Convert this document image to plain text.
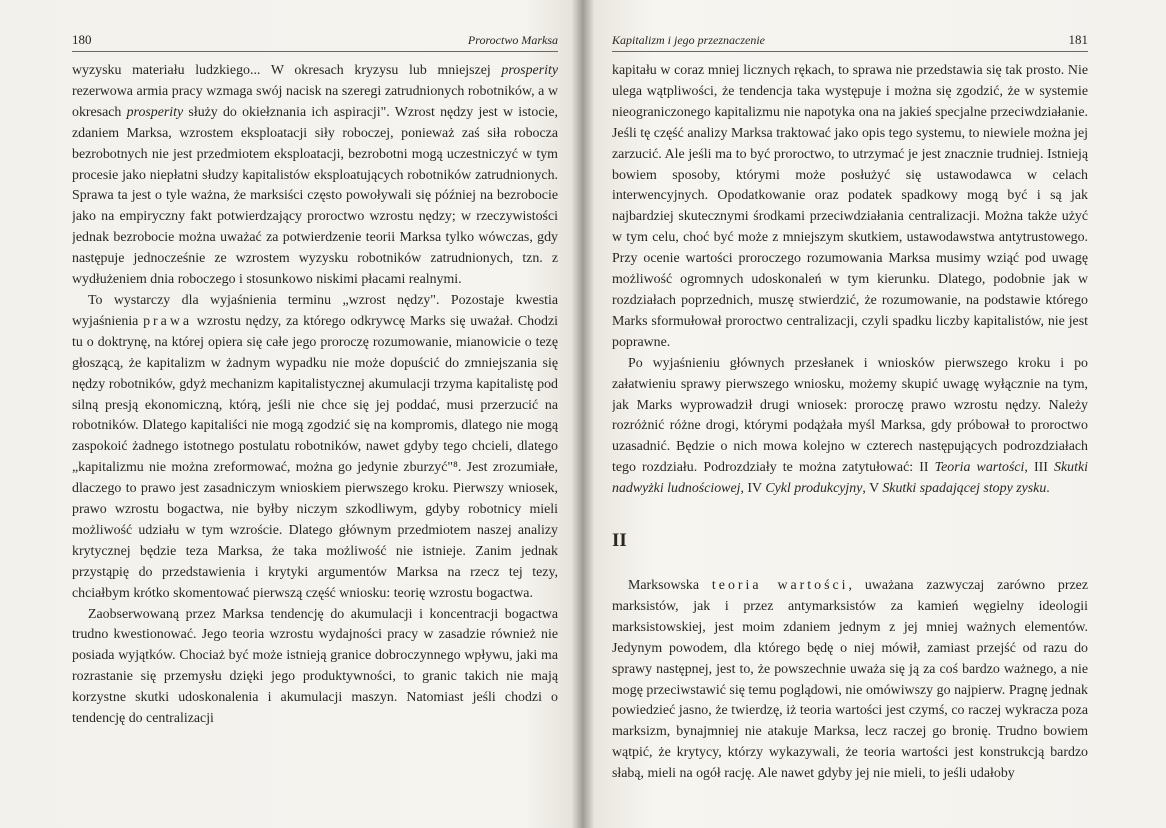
180	Proroctwo Marksa

wyzysku materiału ludzkiego... W okresach kryzysu lub mniejszej prosperity rezerwowa armia pracy wzmaga swój nacisk na szeregi zatrudnionych robotników, a w okresach prosperity służy do okiełznania ich aspiracji". Wzrost nędzy jest w istocie, zdaniem Marksa, wzrostem eksploatacji siły roboczej, ponieważ zaś siła robocza bezrobotnych nie jest przedmiotem eksploatacji, bezrobotni mogą uczestniczyć w tym procesie jako niepłatni słudzy kapitalistów eksploatujących robotników zatrudnionych. Sprawa ta jest o tyle ważna, że marksiści często powoływali się później na bezrobocie jako na empiryczny fakt potwierdzający proroctwo wzrostu nędzy; w rzeczywistości jednak bezrobocie można uważać za potwierdzenie teorii Marksa tylko wówczas, gdy następuje jednocześnie ze wzrostem wyzysku robotników zatrudnionych, tzn. z wydłużeniem dnia roboczego i stosunkowo niskimi płacami realnymi.

To wystarczy dla wyjaśnienia terminu „wzrost nędzy". Pozostaje kwestia wyjaśnienia prawa wzrostu nędzy, za którego odkrywcę Marks się uważał. Chodzi tu o doktrynę, na której opiera się całe jego proroczę rozumowanie, mianowicie o tezę głoszącą, że kapitalizm w żadnym wypadku nie może dopuścić do zmniejszania się nędzy robotników, gdyż mechanizm kapitalistycznej akumulacji trzyma kapitalistę pod silną presją ekonomiczną, którą, jeśli nie chce się jej poddać, musi przerzucić na robotników. Dlatego kapitaliści nie mogą zgodzić się na kompromis, dlatego nie mogą zaspokoić żadnego istotnego postulatu robotników, nawet gdyby tego chcieli, dlatego „kapitalizmu nie można zreformować, można go jedynie zburzyć"⁸. Jest zrozumiałe, dlaczego to prawo jest zasadniczym wnioskiem pierwszego kroku. Pierwszy wniosek, prawo wzrostu bogactwa, nie byłby niczym szkodliwym, gdyby robotnicy mieli możliwość udziału w tym wzroście. Dlatego głównym przedmiotem naszej analizy krytycznej będzie teza Marksa, że taka możliwość nie istnieje. Zanim jednak przystąpię do przedstawienia i krytyki argumentów Marksa na rzecz tej tezy, chciałbym krótko skomentować pierwszą część wniosku: teorię wzrostu bogactwa.

Zaobserwowaną przez Marksa tendencję do akumulacji i koncentracji bogactwa trudno kwestionować. Jego teoria wzrostu wydajności pracy w zasadzie również nie posiada wyjątków. Chociaż być może istnieją granice dobroczynnego wpływu, jaki ma rozrastanie się przemysłu dzięki jego produktywności, to granic takich nie mają korzystne skutki udoskonalenia i akumulacji maszyn. Natomiast jeśli chodzi o tendencję do centralizacji

Kapitalizm i jego przeznaczenie	181

kapitału w coraz mniej licznych rękach, to sprawa nie przedstawia się tak prosto. Nie ulega wątpliwości, że tendencja taka występuje i można się zgodzić, że w systemie nieograniczonego kapitalizmu nie napotyka ona na jakieś specjalne przeciwdziałanie. Jeśli tę część analizy Marksa traktować jako opis tego systemu, to niewiele można jej zarzucić. Ale jeśli ma to być proroctwo, to utrzymać je jest znacznie trudniej. Istnieją bowiem sposoby, którymi może posłużyć się ustawodawca w celach interwencyjnych. Opodatkowanie oraz podatek spadkowy mogą być i są jak najbardziej skutecznymi środkami przeciwdziałania centralizacji. Można także użyć w tym celu, choć być może z mniejszym skutkiem, ustawodawstwa antytrustowego. Przy ocenie wartości proroczego rozumowania Marksa musimy wziąć pod uwagę możliwość ogromnych udoskonaleń w tym kierunku. Dlatego, podobnie jak w rozdziałach poprzednich, muszę stwierdzić, że rozumowanie, na podstawie którego Marks sformułował proroctwo centralizacji, czyli spadku liczby kapitalistów, nie jest poprawne.

Po wyjaśnieniu głównych przesłanek i wniosków pierwszego kroku i po załatwieniu sprawy pierwszego wniosku, możemy skupić uwagę wyłącznie na tym, jak Marks wyprowadził drugi wniosek: proroczę prawo wzrostu nędzy. Należy rozróżnić różne drogi, którymi podążała myśl Marksa, gdy próbował to proroctwo uzasadnić. Będzie o nich mowa kolejno w czterech następujących podrozdziałach tego rozdziału. Podrozdziały te można zatytułować: II Teoria wartości, III Skutki nadwyżki ludnościowej, IV Cykl produkcyjny, V Skutki spadającej stopy zysku.

II

Marksowska teoria wartości, uważana zazwyczaj zarówno przez marksistów, jak i przez antymarksistów za kamień węgielny ideologii marksistowskiej, jest moim zdaniem jednym z jej mniej ważnych elementów. Jedynym powodem, dla którego będę o niej mówił, zamiast przejść od razu do sprawy następnej, jest to, że powszechnie uważa się ją za coś bardzo ważnego, a nie mogę przeciwstawić się temu poglądowi, nie omówiwszy go najpierw. Pragnę jednak powiedzieć jasno, że twierdzę, iż teoria wartości jest czymś, co raczej wykracza poza marksizm, bynajmniej nie atakuje Marksa, lecz raczej go bronię. Trudno bowiem wątpić, że krytycy, którzy wykazywali, że teoria wartości jest konstrukcją bardzo słabą, mieli na ogół rację. Ale nawet gdyby jej nie mieli, to jeśli udałoby
